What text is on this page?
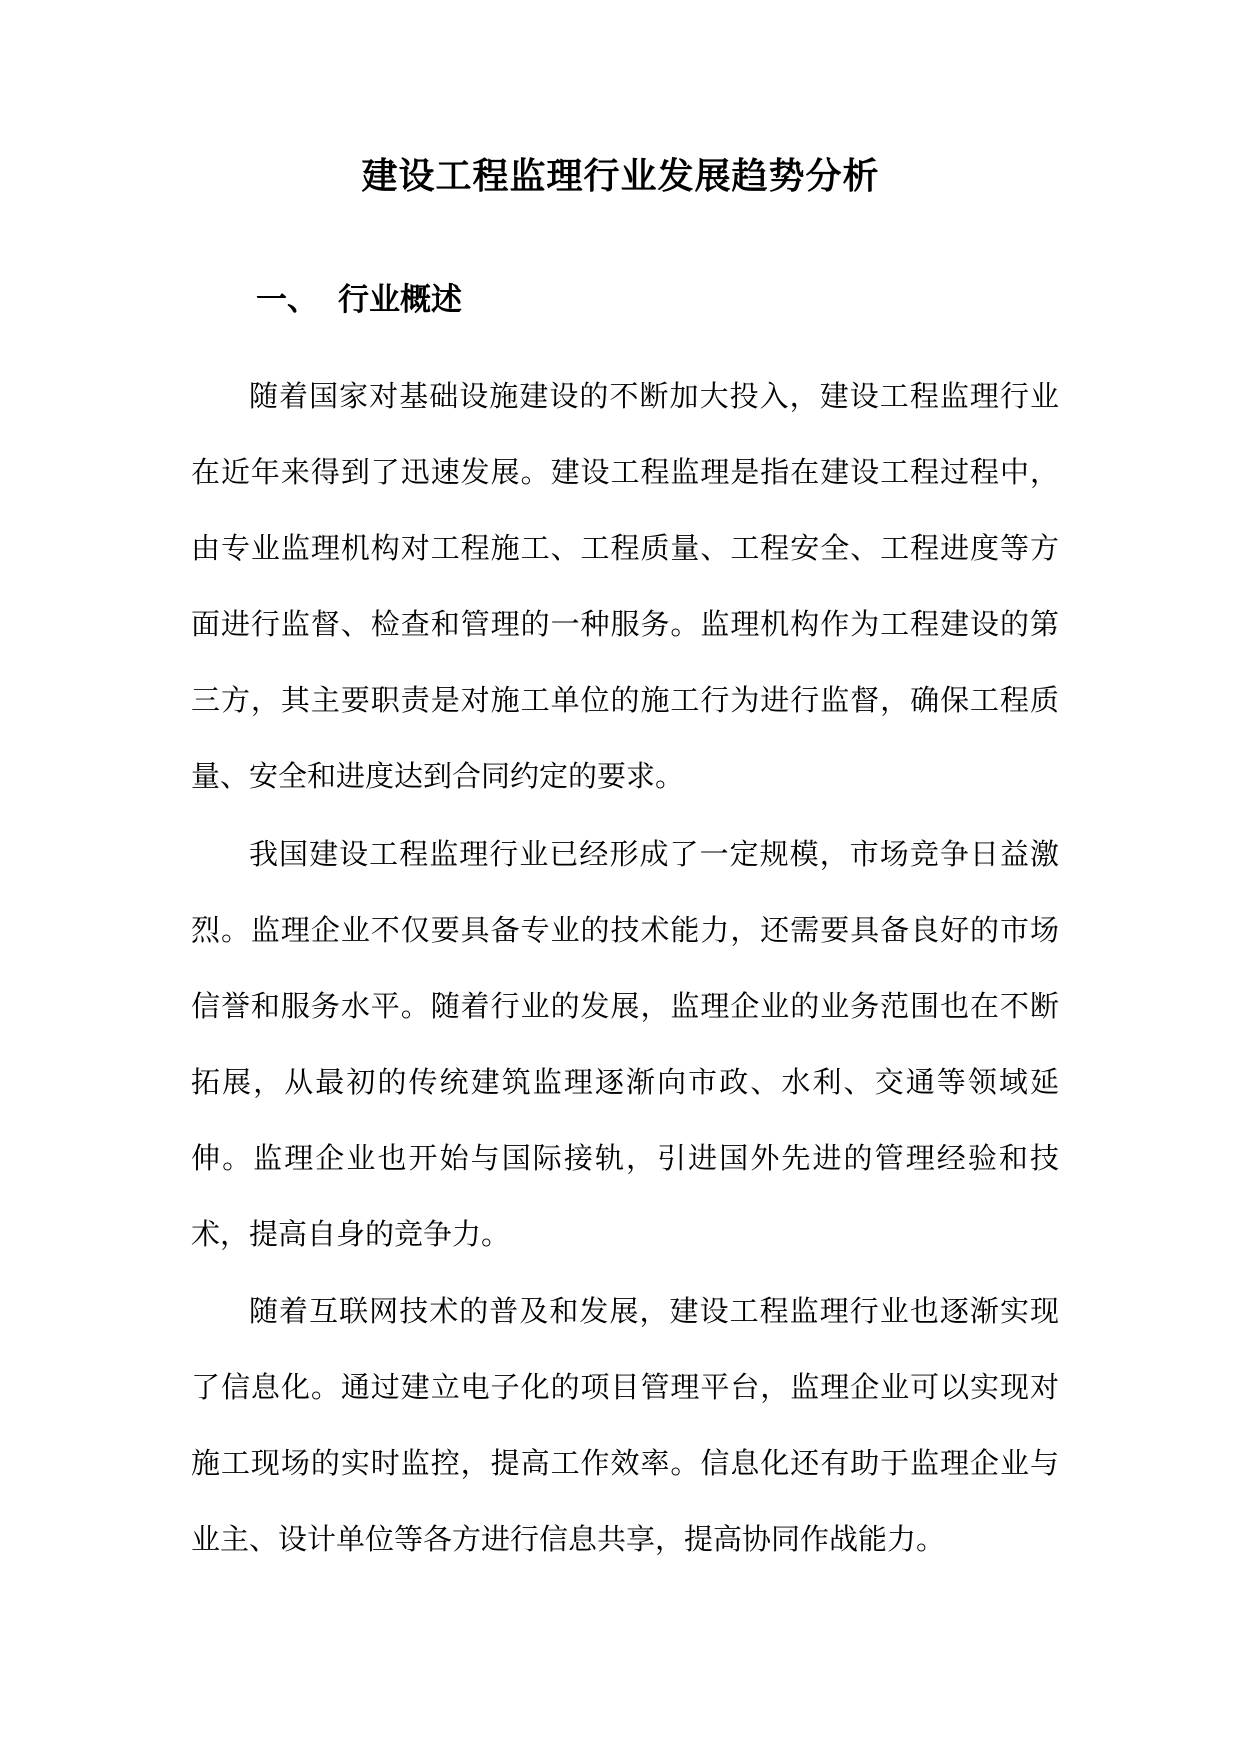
建设工程监理行业发展趋势分析
一、 行业概述

随着国家对基础设施建设的不断加大投入，建设工程监理行业在近年来得到了迅速发展。建设工程监理是指在建设工程过程中，由专业监理机构对工程施工、工程质量、工程安全、工程进度等方面进行监督、检查和管理的一种服务。监理机构作为工程建设的第三方，其主要职责是对施工单位的施工行为进行监督，确保工程质量、安全和进度达到合同约定的要求。

我国建设工程监理行业已经形成了一定规模，市场竞争日益激烈。监理企业不仅要具备专业的技术能力，还需要具备良好的市场信誉和服务水平。随着行业的发展，监理企业的业务范围也在不断拓展，从最初的传统建筑监理逐渐向市政、水利、交通等领域延伸。监理企业也开始与国际接轨，引进国外先进的管理经验和技术，提高自身的竞争力。

随着互联网技术的普及和发展，建设工程监理行业也逐渐实现了信息化。通过建立电子化的项目管理平台，监理企业可以实现对施工现场的实时监控，提高工作效率。信息化还有助于监理企业与业主、设计单位等各方进行信息共享，提高协同作战能力。
